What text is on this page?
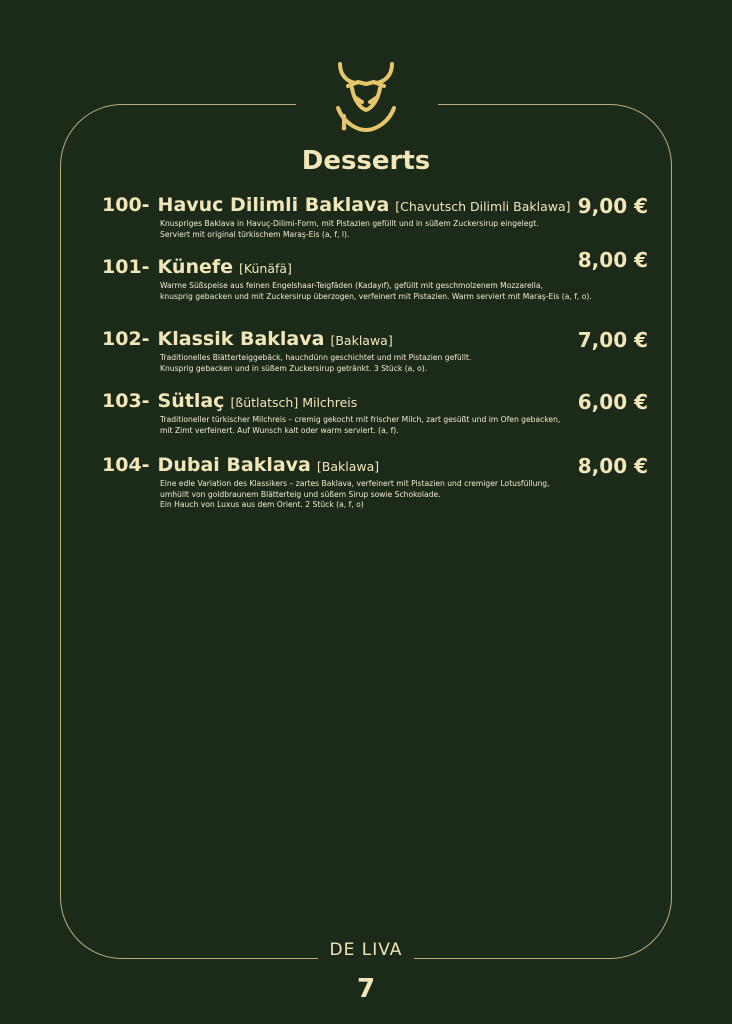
Desserts
100- Havuc Dilimli Baklava [Chavutsch Dilimli Baklawa] 9,00 €
Knuspriges Baklava in Havuç-Dilimi-Form, mit Pistazien gefüllt und in süßem Zuckersirup eingelegt.
Serviert mit original türkischem Maraş-Eis (a, f, l).
101- Künefe [Künäfä]	8,00 €
Warme Süßspeise aus feinen Engelshaar-Teigfäden (Kadayıf), gefüllt mit geschmolzenem Mozzarella,
knusprig gebacken und mit Zuckersirup überzogen, verfeinert mit Pistazien. Warm serviert mit Maraş-Eis (a, f, o).
102- Klassik Baklava [Baklawa]	7,00 €
Traditionelles Blätterteiggebäck, hauchdünn geschichtet und mit Pistazien gefüllt.
Knusprig gebacken und in süßem Zuckersirup getränkt. 3 Stück (a, o).
103- Sütlaç [ßütlatsch] Milchreis	6,00 €
Traditioneller türkischer Milchreis – cremig gekocht mit frischer Milch, zart gesüßt und im Ofen gebacken,
mit Zimt verfeinert. Auf Wunsch kalt oder warm serviert. (a, f).
104- Dubai Baklava [Baklawa]	8,00 €
Eine edle Variation des Klassikers – zartes Baklava, verfeinert mit Pistazien und cremiger Lotusfüllung,
umhüllt von goldbraunem Blätterteig und süßem Sirup sowie Schokolade.
Ein Hauch von Luxus aus dem Orient. 2 Stück (a, f, o)
DE LIVA
7
